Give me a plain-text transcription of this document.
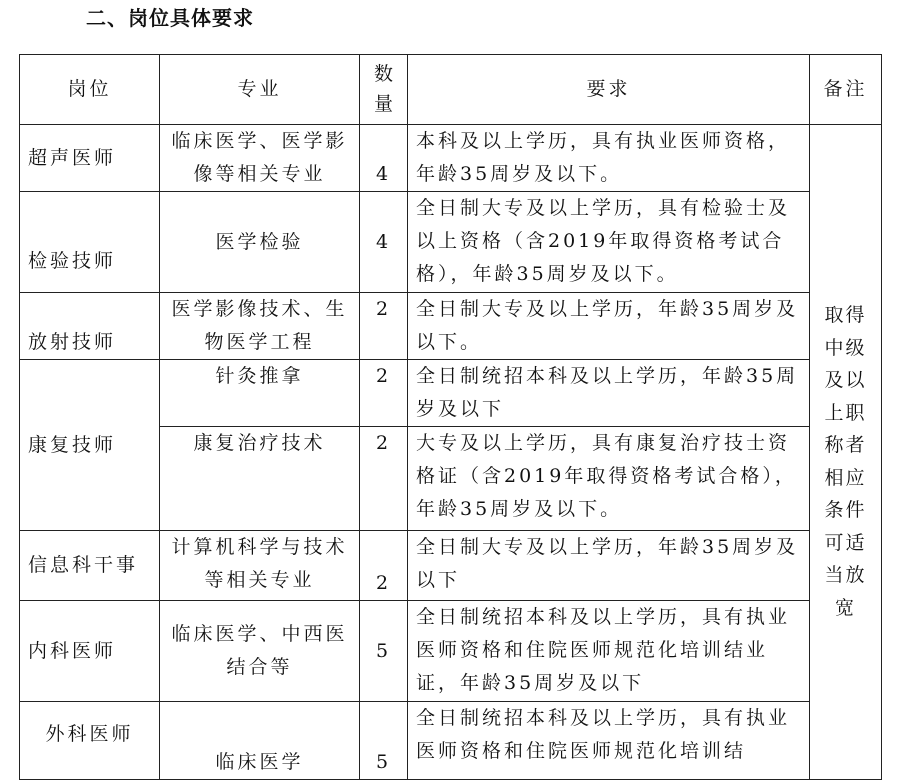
二、岗位具体要求
岗位	专业	数量	要求	备注
超声医师	临床医学、医学影像等相关专业	4	本科及以上学历，具有执业医师资格，年龄35周岁及以下。	取得中级及以上职称者相应条件可适当放宽
检验技师	医学检验	4	全日制大专及以上学历，具有检验士及以上资格（含2019年取得资格考试合格），年龄35周岁及以下。	
放射技师	医学影像技术、生物医学工程	2	全日制大专及以上学历，年龄35周岁及以下。	
康复技师	针灸推拿	2	全日制统招本科及以上学历，年龄35周岁及以下	
	康复治疗技术	2	大专及以上学历，具有康复治疗技士资格证（含2019年取得资格考试合格），年龄35周岁及以下。	
信息科干事	计算机科学与技术等相关专业	2	全日制大专及以上学历，年龄35周岁及以下	
内科医师	临床医学、中西医结合等	5	全日制统招本科及以上学历，具有执业医师资格和住院医师规范化培训结业证，年龄35周岁及以下	
外科医师	临床医学	5	全日制统招本科及以上学历，具有执业医师资格和住院医师规范化培训结	
